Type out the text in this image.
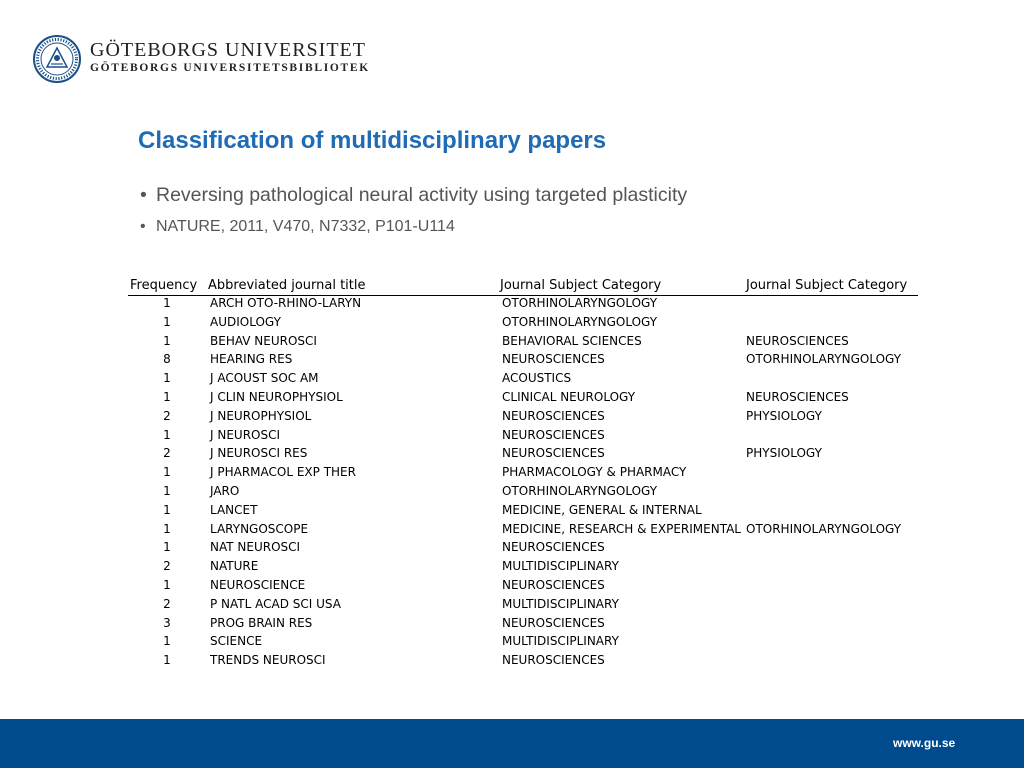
GÖTEBORGS UNIVERSITET
GÖTEBORGS UNIVERSITETSBIBLIOTEK
Classification of multidisciplinary papers
• Reversing pathological neural activity using targeted plasticity
• NATURE, 2011, V470, N7332, P101-U114
Frequency	Abbreviated journal title	Journal Subject Category	Journal Subject Category
1	ARCH OTO-RHINO-LARYN	OTORHINOLARYNGOLOGY	
1	AUDIOLOGY	OTORHINOLARYNGOLOGY	
1	BEHAV NEUROSCI	BEHAVIORAL SCIENCES	NEUROSCIENCES
8	HEARING RES	NEUROSCIENCES	OTORHINOLARYNGOLOGY
1	J ACOUST SOC AM	ACOUSTICS	
1	J CLIN NEUROPHYSIOL	CLINICAL NEUROLOGY	NEUROSCIENCES
2	J NEUROPHYSIOL	NEUROSCIENCES	PHYSIOLOGY
1	J NEUROSCI	NEUROSCIENCES	
2	J NEUROSCI RES	NEUROSCIENCES	PHYSIOLOGY
1	J PHARMACOL EXP THER	PHARMACOLOGY & PHARMACY	
1	JARO	OTORHINOLARYNGOLOGY	
1	LANCET	MEDICINE, GENERAL & INTERNAL	
1	LARYNGOSCOPE	MEDICINE, RESEARCH & EXPERIMENTAL	OTORHINOLARYNGOLOGY
1	NAT NEUROSCI	NEUROSCIENCES	
2	NATURE	MULTIDISCIPLINARY	
1	NEUROSCIENCE	NEUROSCIENCES	
2	P NATL ACAD SCI USA	MULTIDISCIPLINARY	
3	PROG BRAIN RES	NEUROSCIENCES	
1	SCIENCE	MULTIDISCIPLINARY	
1	TRENDS NEUROSCI	NEUROSCIENCES	
www.gu.se
